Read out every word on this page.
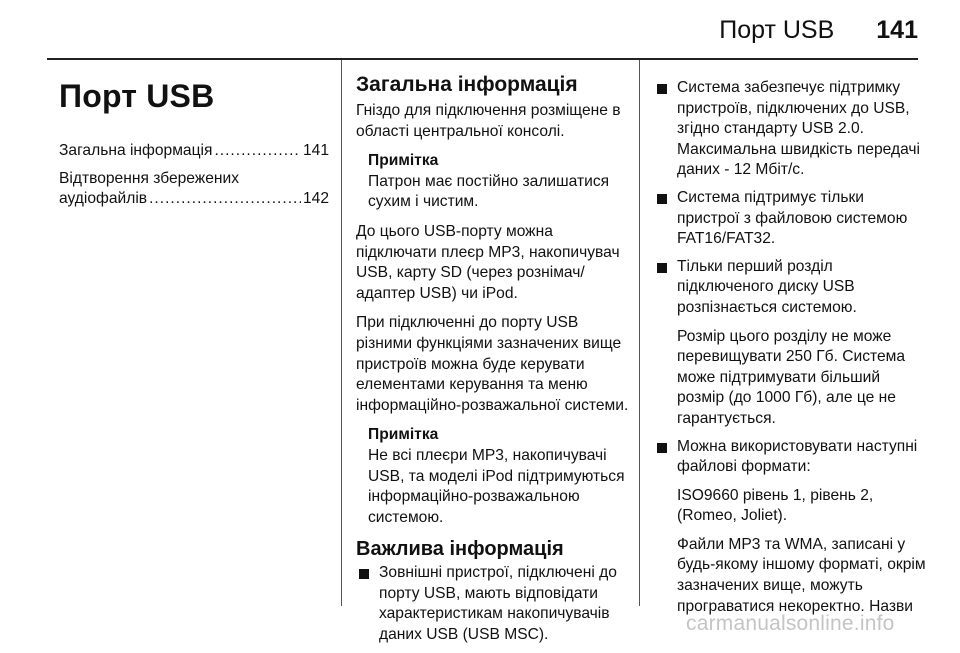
Порт USB 141
Порт USB
Загальна інформація .....	141
Відтворення збережених
аудіофайлів .....	142
Загальна інформація

Гніздо для підключення розміщене в області центральної консолі.

Примітка
Патрон має постійно залишатися сухим і чистим.

До цього USB-порту можна підключати плеєр MP3, накопичувач USB, карту SD (через рознімач/адаптер USB) чи iPod.

При підключенні до порту USB різними функціями зазначених вище пристроїв можна буде керувати елементами керування та меню інформаційно-розважальної системи.

Примітка
Не всі плеєри MP3, накопичувачі USB, та моделі iPod підтримуються інформаційно-розважальною системою.
Важлива інформація
Зовнішні пристрої, підключені до порту USB, мають відповідати характеристикам накопичувачів даних USB (USB MSC).
Система забезпечує підтримку пристроїв, підключених до USB, згідно стандарту USB 2.0. Максимальна швидкість передачі даних - 12 Мбіт/с.
Система підтримує тільки пристрої з файловою системою FAT16/FAT32.
Тільки перший розділ підключеного диску USB розпізнається системою.
Розмір цього розділу не може перевищувати 250 Гб. Система може підтримувати більший розмір (до 1000 Гб), але це не гарантується.
Можна використовувати наступні файлові формати:
ISO9660 рівень 1, рівень 2, (Romeo, Joliet).
Файли MP3 та WMA, записані у будь-якому іншому форматі, окрім зазначених вище, можуть програватися некоректно. Назви
carmanualsonline.info
